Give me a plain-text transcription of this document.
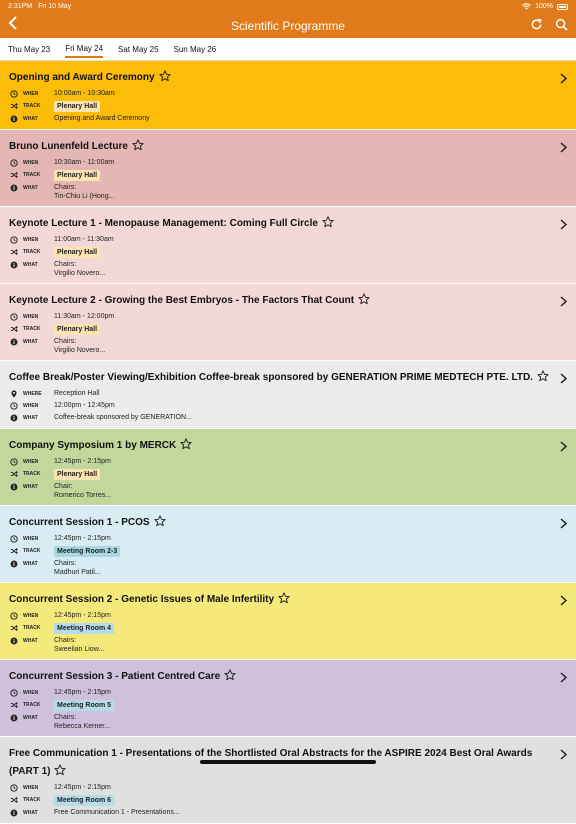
2:31PM Fri 10 May	100%
Scientific Programme
Thu May 23 Fri May 24 Sat May 25 Sun May 26
Opening and Award Ceremony
WHEN	10:00am - 10:30am
TRACK	Plenary Hall
WHAT	Opening and Award Ceremony
Bruno Lunenfeld Lecture
WHEN	10:30am - 11:00am
TRACK	Plenary Hall
WHAT	Chairs:
Tin-Chiu Li (Hong...
Keynote Lecture 1 - Menopause Management: Coming Full Circle
WHEN	11:00am - 11:30am
TRACK	Plenary Hall
WHAT	Chairs:
Virgilio Novero...
Keynote Lecture 2 - Growing the Best Embryos - The Factors That Count
WHEN	11:30am - 12:00pm
TRACK	Plenary Hall
WHAT	Chairs:
Virgilio Novero...
Coffee Break/Poster Viewing/Exhibition Coffee-break sponsored by GENERATION PRIME MEDTECH PTE. LTD.
WHERE	Reception Hall
WHEN	12:00pm - 12:45pm
WHAT	Coffee-break sponsored by GENERATION...
Company Symposium 1 by MERCK
WHEN	12:45pm - 2:15pm
TRACK	Plenary Hall
WHAT	Chair:
Romerico Torres...
Concurrent Session 1 - PCOS
WHEN	12:45pm - 2:15pm
TRACK	Meeting Room 2-3
WHAT	Chairs:
Madhuri Patil...
Concurrent Session 2 - Genetic Issues of Male Infertility
WHEN	12:45pm - 2:15pm
TRACK	Meeting Room 4
WHAT	Chairs:
Sweelian Liow...
Concurrent Session 3 - Patient Centred Care
WHEN	12:45pm - 2:15pm
TRACK	Meeting Room 5
WHAT	Chairs:
Rebecca Kerner...
Free Communication 1 - Presentations of the Shortlisted Oral Abstracts for the ASPIRE 2024 Best Oral Awards (PART 1)
WHEN	12:45pm - 2:15pm
TRACK	Meeting Room 6
WHAT	Free Communication 1 - Presentations...
